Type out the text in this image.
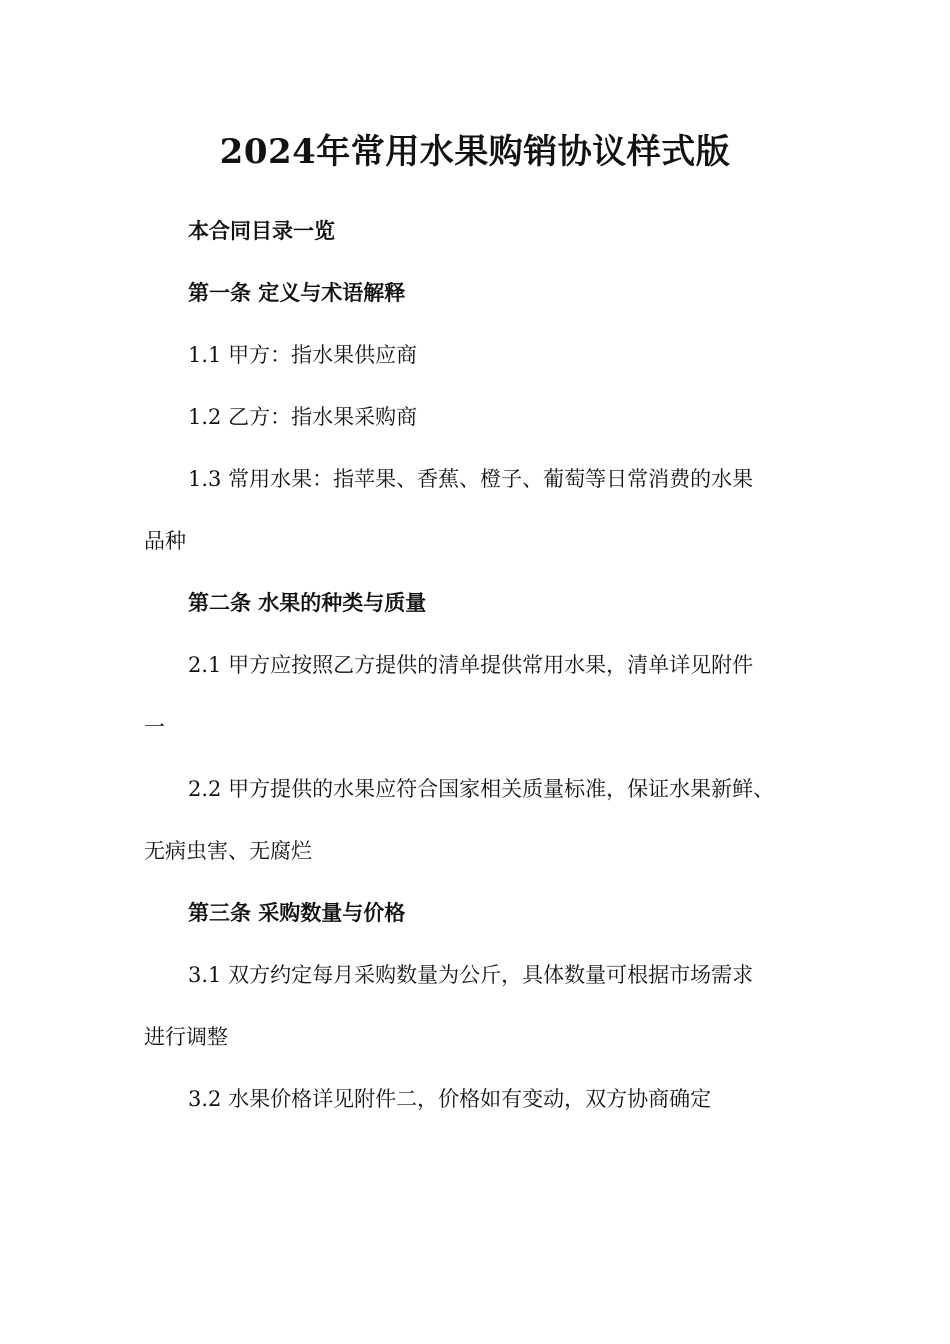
2024年常用水果购销协议样式版

本合同目录一览

第一条 定义与术语解释

1.1 甲方：指水果供应商

1.2 乙方：指水果采购商

1.3 常用水果：指苹果、香蕉、橙子、葡萄等日常消费的水果

品种

第二条 水果的种类与质量

2.1 甲方应按照乙方提供的清单提供常用水果，清单详见附件

一

2.2 甲方提供的水果应符合国家相关质量标准，保证水果新鲜、

无病虫害、无腐烂

第三条 采购数量与价格

3.1 双方约定每月采购数量为公斤，具体数量可根据市场需求

进行调整

3.2 水果价格详见附件二，价格如有变动，双方协商确定
